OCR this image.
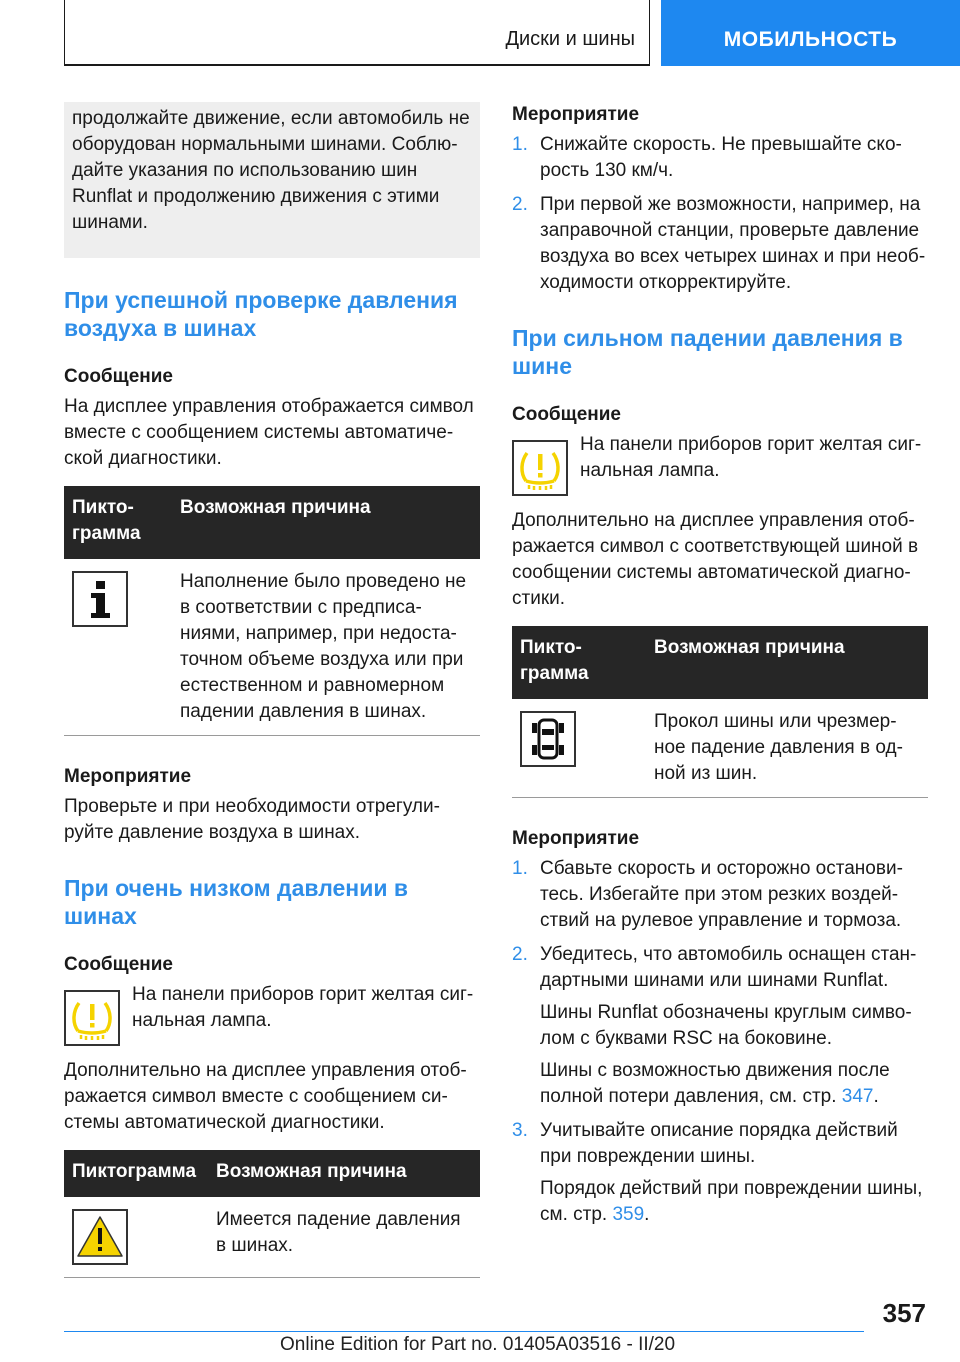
Диски и шины	МОБИЛЬНОСТЬ
продолжайте движение, если автомобиль не оборудован нормальными шинами. Соблюдайте указания по использованию шин Runflat и продолжению движения с этими шинами.
При успешной проверке давления воздуха в шинах
Сообщение
На дисплее управления отображается символ вместе с сообщением системы автоматической диагностики.
Пиктограмма	Возможная причина

	Наполнение было проведено не в соответствии с предписаниями, например, при недостаточном объеме воздуха или при естественном и равномерном падении давления в шинах.
Мероприятие
Проверьте и при необходимости отрегулируйте давление воздуха в шинах.
При очень низком давлении в шинах
Сообщение
На панели приборов горит желтая сигнальная лампа.
Дополнительно на дисплее управления отображается символ вместе с сообщением системы автоматической диагностики.
Пиктограмма	Возможная причина

	Имеется падение давления в шинах.
Мероприятие
1. Снижайте скорость. Не превышайте скорость 130 км/ч.
2. При первой же возможности, например, на заправочной станции, проверьте давление воздуха во всех четырех шинах и при необходимости откорректируйте.
При сильном падении давления в шине
Сообщение
На панели приборов горит желтая сигнальная лампа.
Дополнительно на дисплее управления отображается символ с соответствующей шиной в сообщении системы автоматической диагностики.
Пиктограмма	Возможная причина

	Прокол шины или чрезмерное падение давления в одной из шин.
Мероприятие
1. Сбавьте скорость и осторожно остановитесь. Избегайте при этом резких воздействий на рулевое управление и тормоза.
2. Убедитесь, что автомобиль оснащен стандартными шинами или шинами Runflat.
Шины Runflat обозначены круглым символом с буквами RSC на боковине.
Шины с возможностью движения после полной потери давления, см. стр. 347.
3. Учитывайте описание порядка действий при повреждении шины.
Порядок действий при повреждении шины, см. стр. 359.
357
Online Edition for Part no. 01405A03516 - II/20
